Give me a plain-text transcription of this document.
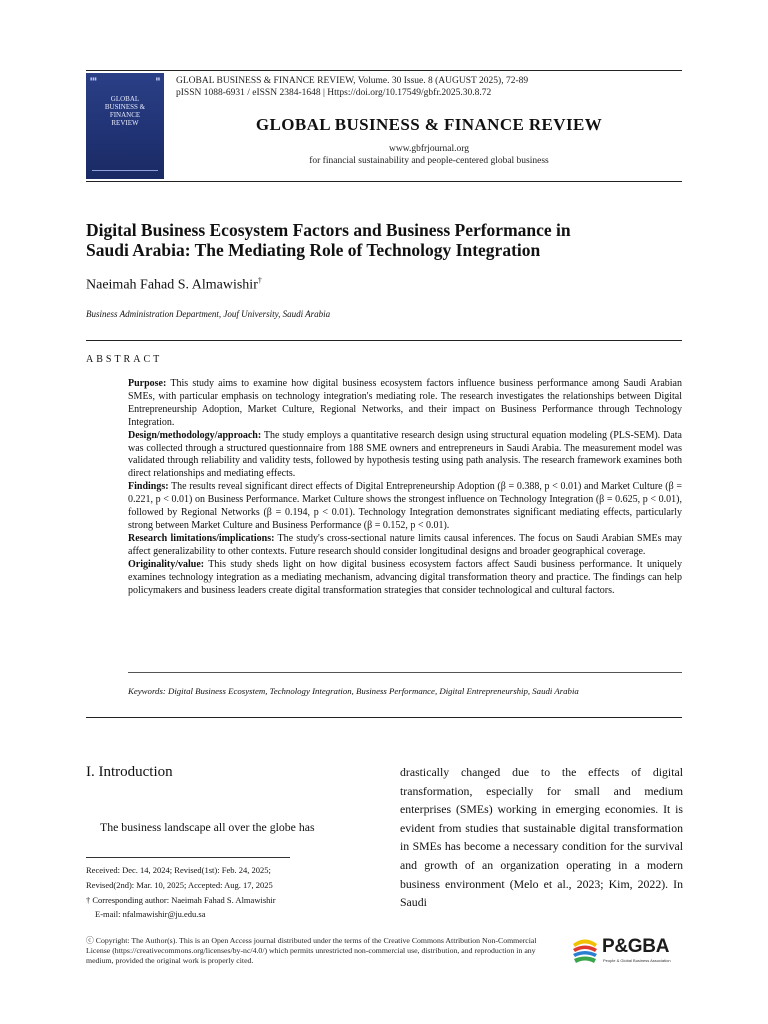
▮▮▮	▮▮
GLOBAL
BUSINESS & FINANCE
REVIEW
GLOBAL BUSINESS & FINANCE REVIEW, Volume. 30 Issue. 8 (AUGUST 2025), 72-89
pISSN 1088-6931 / eISSN 2384-1648 | Https://doi.org/10.17549/gbfr.2025.30.8.72
GLOBAL BUSINESS & FINANCE REVIEW
www.gbfrjournal.org
for financial sustainability and people-centered global business
Digital Business Ecosystem Factors and Business Performance in
Saudi Arabia: The Mediating Role of Technology Integration
Naeimah Fahad S. Almawishir†
Business Administration Department, Jouf University, Saudi Arabia
ABSTRACT

Purpose: This study aims to examine how digital business ecosystem factors influence business performance among Saudi Arabian SMEs, with particular emphasis on technology integration's mediating role. The research investigates the relationships between Digital Entrepreneurship Adoption, Market Culture, Regional Networks, and their impact on Business Performance through Technology Integration.

Design/methodology/approach: The study employs a quantitative research design using structural equation modeling (PLS-SEM). Data was collected through a structured questionnaire from 188 SME owners and entrepreneurs in Saudi Arabia. The measurement model was validated through reliability and validity tests, followed by hypothesis testing using path analysis. The research framework examines both direct relationships and mediating effects.

Findings: The results reveal significant direct effects of Digital Entrepreneurship Adoption (β = 0.388, p < 0.01) and Market Culture (β = 0.221, p < 0.01) on Business Performance. Market Culture shows the strongest influence on Technology Integration (β = 0.625, p < 0.01), followed by Regional Networks (β = 0.194, p < 0.01). Technology Integration demonstrates significant mediating effects, particularly strong between Market Culture and Business Performance (β = 0.152, p < 0.01).

Research limitations/implications: The study's cross-sectional nature limits causal inferences. The focus on Saudi Arabian SMEs may affect generalizability to other contexts. Future research should consider longitudinal designs and broader geographical coverage.

Originality/value: This study sheds light on how digital business ecosystem factors affect Saudi business performance. It uniquely examines technology integration as a mediating mechanism, advancing digital transformation theory and practice. The findings can help policymakers and business leaders create digital transformation strategies that consider technological and cultural factors.

Keywords: Digital Business Ecosystem, Technology Integration, Business Performance, Digital Entrepreneurship, Saudi Arabia
I. Introduction
The business landscape all over the globe has
drastically changed due to the effects of digital transformation, especially for small and medium enterprises (SMEs) working in emerging economies. It is evident from studies that sustainable digital transformation in SMEs has become a necessary condition for the survival and growth of an organization operating in a modern business environment (Melo et al., 2023; Kim, 2022). In Saudi
Received: Dec. 14, 2024; Revised(1st): Feb. 24, 2025;
Revised(2nd): Mar. 10, 2025; Accepted: Aug. 17, 2025
† Corresponding author: Naeimah Fahad S. Almawishir
E-mail: nfalmawishir@ju.edu.sa
ⓒ Copyright: The Author(s). This is an Open Access journal distributed under the terms of the Creative Commons Attribution Non-Commercial License (https://creativecommons.org/licenses/by-nc/4.0/) which permits unrestricted non-commercial use, distribution, and reproduction in any medium, provided the original work is properly cited.
P&GBA
People & Global Business Association
